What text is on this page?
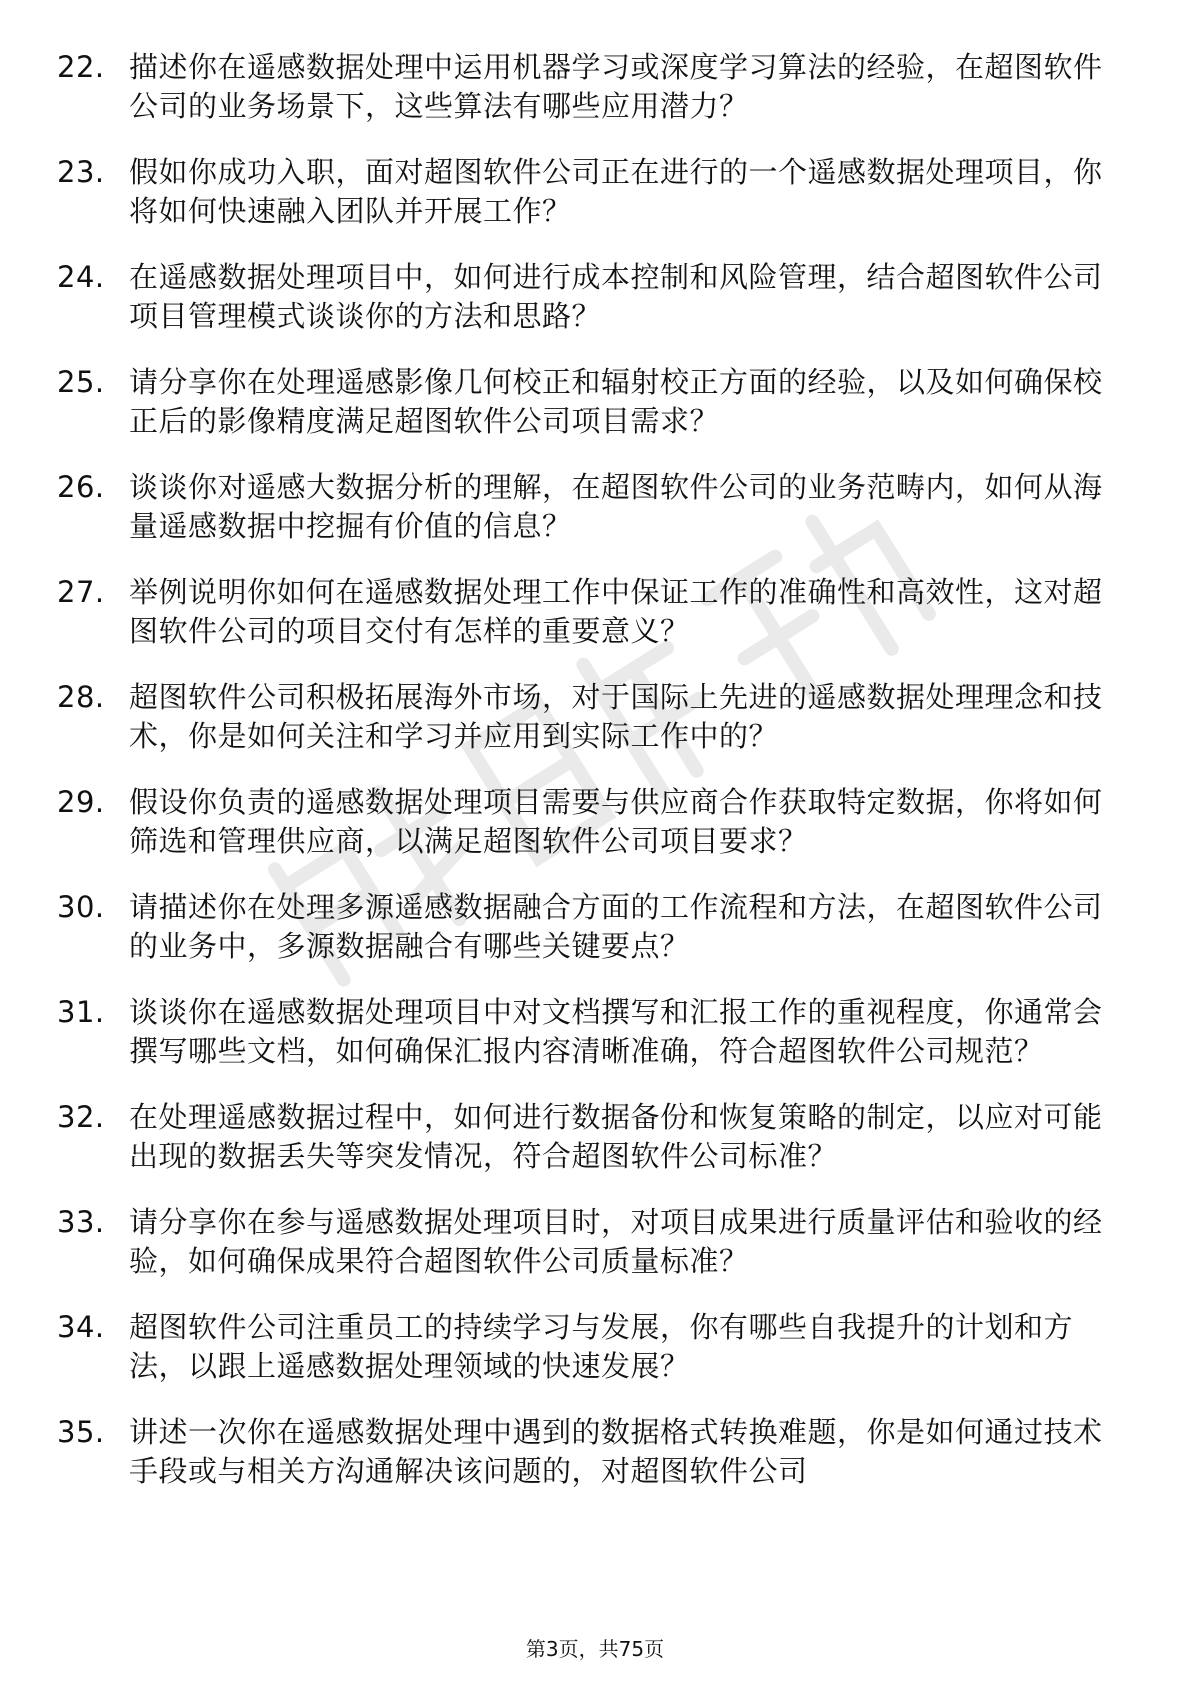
22. 描述你在遥感数据处理中运用机器学习或深度学习算法的经验，在超图软件公司的业务场景下，这些算法有哪些应用潜力？
23. 假如你成功入职，面对超图软件公司正在进行的一个遥感数据处理项目，你将如何快速融入团队并开展工作？
24. 在遥感数据处理项目中，如何进行成本控制和风险管理，结合超图软件公司项目管理模式谈谈你的方法和思路？
25. 请分享你在处理遥感影像几何校正和辐射校正方面的经验，以及如何确保校正后的影像精度满足超图软件公司项目需求？
26. 谈谈你对遥感大数据分析的理解，在超图软件公司的业务范畴内，如何从海量遥感数据中挖掘有价值的信息？
27. 举例说明你如何在遥感数据处理工作中保证工作的准确性和高效性，这对超图软件公司的项目交付有怎样的重要意义？
28. 超图软件公司积极拓展海外市场，对于国际上先进的遥感数据处理理念和技术，你是如何关注和学习并应用到实际工作中的？
29. 假设你负责的遥感数据处理项目需要与供应商合作获取特定数据，你将如何筛选和管理供应商，以满足超图软件公司项目要求？
30. 请描述你在处理多源遥感数据融合方面的工作流程和方法，在超图软件公司的业务中，多源数据融合有哪些关键要点？
31. 谈谈你在遥感数据处理项目中对文档撰写和汇报工作的重视程度，你通常会撰写哪些文档，如何确保汇报内容清晰准确，符合超图软件公司规范？
32. 在处理遥感数据过程中，如何进行数据备份和恢复策略的制定，以应对可能出现的数据丢失等突发情况，符合超图软件公司标准？
33. 请分享你在参与遥感数据处理项目时，对项目成果进行质量评估和验收的经验，如何确保成果符合超图软件公司质量标准？
34. 超图软件公司注重员工的持续学习与发展，你有哪些自我提升的计划和方法，以跟上遥感数据处理领域的快速发展？
35. 讲述一次你在遥感数据处理中遇到的数据格式转换难题，你是如何通过技术手段或与相关方沟通解决该问题的，对超图软件公司
第3页，共75页
